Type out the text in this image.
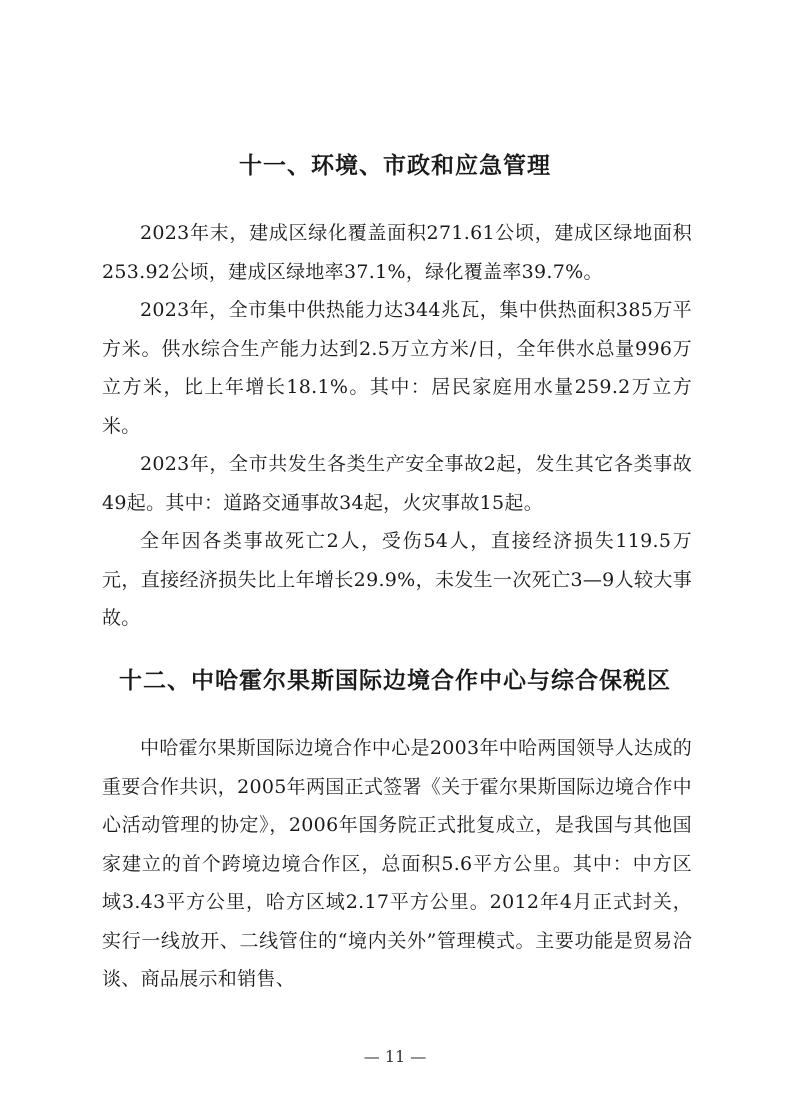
十一、环境、市政和应急管理

2023年末，建成区绿化覆盖面积271.61公顷，建成区绿地面积253.92公顷，建成区绿地率37.1%，绿化覆盖率39.7%。

2023年，全市集中供热能力达344兆瓦，集中供热面积385万平方米。供水综合生产能力达到2.5万立方米/日，全年供水总量996万立方米，比上年增长18.1%。其中：居民家庭用水量259.2万立方米。

2023年，全市共发生各类生产安全事故2起，发生其它各类事故49起。其中：道路交通事故34起，火灾事故15起。

全年因各类事故死亡2人，受伤54人，直接经济损失119.5万元，直接经济损失比上年增长29.9%，未发生一次死亡3—9人较大事故。

十二、中哈霍尔果斯国际边境合作中心与综合保税区

中哈霍尔果斯国际边境合作中心是2003年中哈两国领导人达成的重要合作共识，2005年两国正式签署《关于霍尔果斯国际边境合作中心活动管理的协定》，2006年国务院正式批复成立，是我国与其他国家建立的首个跨境边境合作区，总面积5.6平方公里。其中：中方区域3.43平方公里，哈方区域2.17平方公里。2012年4月正式封关，实行一线放开、二线管住的“境内关外”管理模式。主要功能是贸易洽谈、商品展示和销售、

— 11 —
